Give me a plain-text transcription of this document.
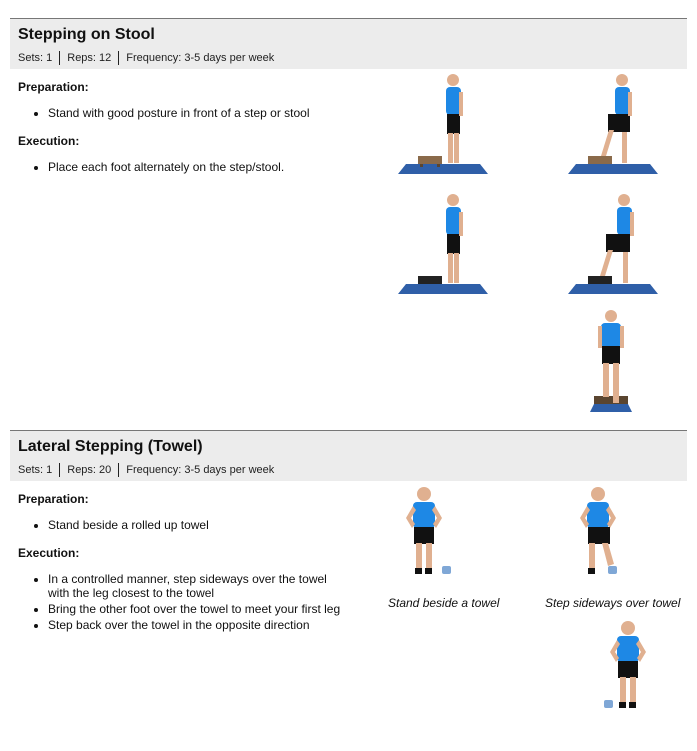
Stepping on Stool
Sets: 1	Reps: 12	Frequency: 3-5 days per week
Preparation:
• Stand with good posture in front of a step or stool
Execution:
• Place each foot alternately on the step/stool.
Lateral Stepping (Towel)
Sets: 1	Reps: 20	Frequency: 3-5 days per week
Preparation:
• Stand beside a rolled up towel
Execution:
• In a controlled manner, step sideways over the towel with the leg closest to the towel
• Bring the other foot over the towel to meet your first leg
• Step back over the towel in the opposite direction
Stand beside a towel	Step sideways over towel
